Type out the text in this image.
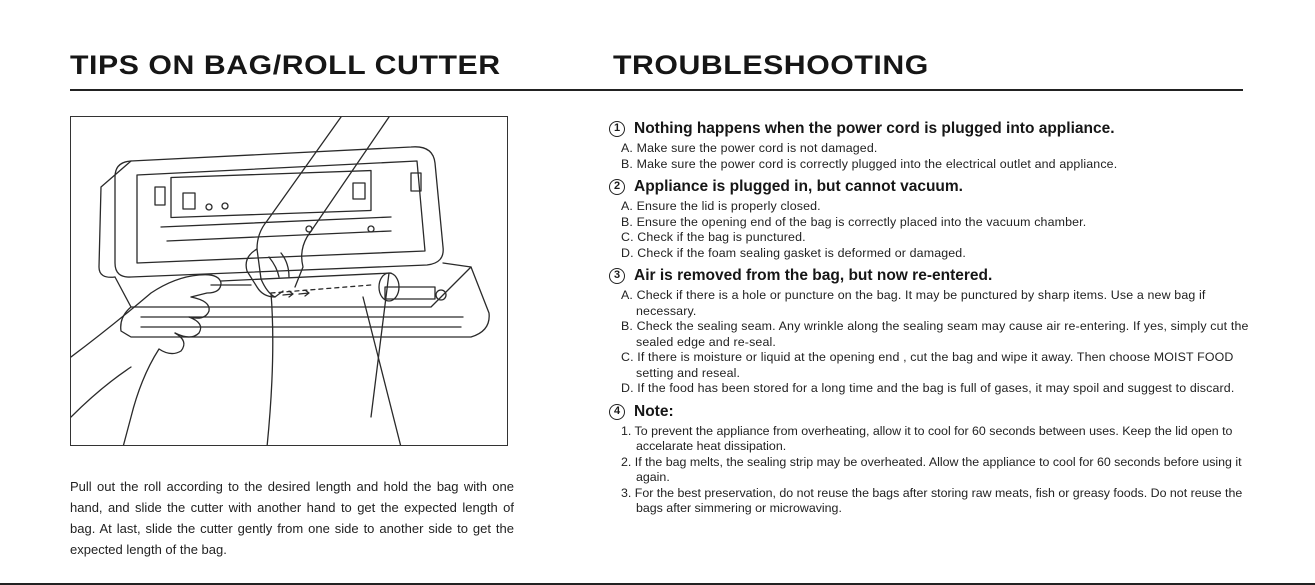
TIPS ON BAG/ROLL CUTTER	TROUBLESHOOTING
Pull out the roll according to the desired length and hold the bag with one hand, and slide the cutter with another hand to get the expected length of bag. At last, slide the cutter gently from one side to another side to get the expected length of the bag.
1 Nothing happens when the power cord is plugged into appliance.
A. Make sure the power cord is not damaged.
B. Make sure the power cord is correctly plugged into the electrical outlet and appliance.
2 Appliance is plugged in, but cannot vacuum.
A. Ensure the lid is properly closed.
B. Ensure the opening end of the bag is correctly placed into the vacuum chamber.
C. Check if the bag is punctured.
D. Check if the foam sealing gasket is deformed or damaged.
3 Air is removed from the bag, but now re-entered.
A. Check if there is a hole or puncture on the bag. It may be punctured by sharp items. Use a new bag if necessary.
B. Check the sealing seam. Any wrinkle along the sealing seam may cause air re-entering. If yes, simply cut the sealed edge and re-seal.
C. If there is moisture or liquid at the opening end , cut the bag and wipe it away. Then choose MOIST FOOD setting and reseal.
D. If the food has been stored for a long time and the bag is full of gases, it may spoil and suggest to discard.
4 Note:
1. To prevent the appliance from overheating, allow it to cool for 60 seconds between uses. Keep the lid open to accelarate heat dissipation.
2. If the bag melts, the sealing strip may be overheated. Allow the appliance to cool for 60 seconds before using it again.
3. For the best preservation, do not reuse the bags after storing raw meats, fish or greasy foods. Do not reuse the bags after simmering or microwaving.
